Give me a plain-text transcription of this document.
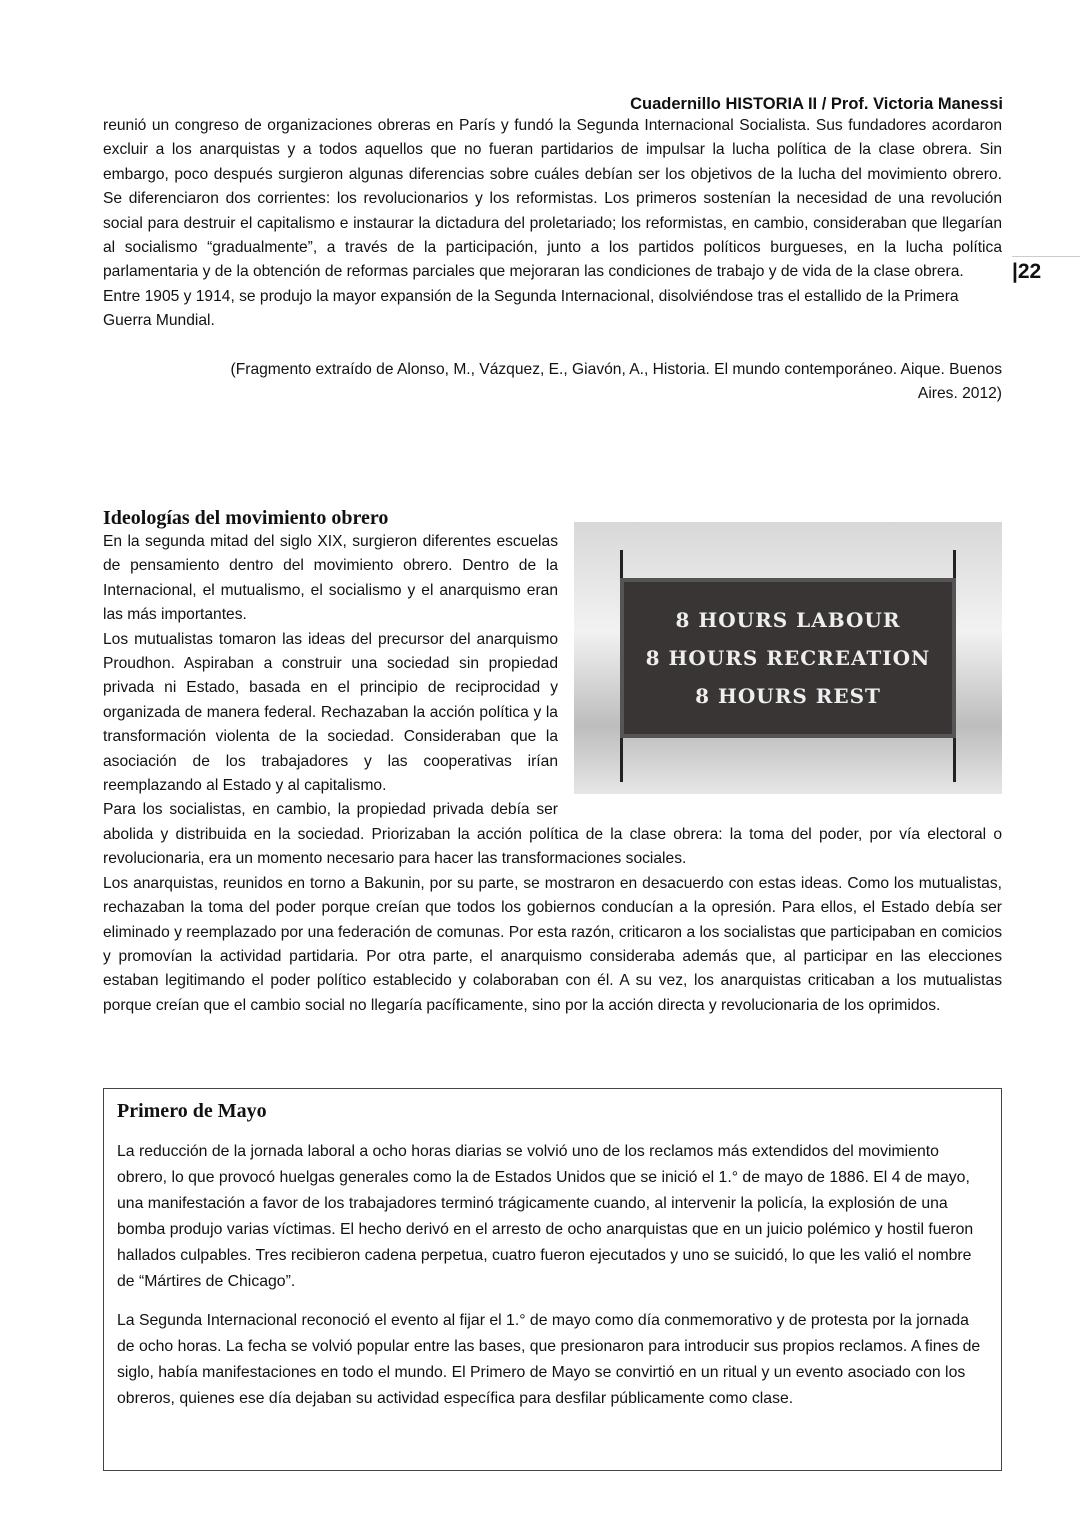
Cuadernillo HISTORIA II / Prof. Victoria Manessi
|22

reunió un congreso de organizaciones obreras en París y fundó la Segunda Internacional Socialista. Sus fundadores acordaron excluir a los anarquistas y a todos aquellos que no fueran partidarios de impulsar la lucha política de la clase obrera. Sin embargo, poco después surgieron algunas diferencias sobre cuáles debían ser los objetivos de la lucha del movimiento obrero. Se diferenciaron dos corrientes: los revolucionarios y los reformistas. Los primeros sostenían la necesidad de una revolución social para destruir el capitalismo e instaurar la dictadura del proletariado; los reformistas, en cambio, consideraban que llegarían al socialismo “gradualmente”, a través de la participación, junto a los partidos políticos burgueses, en la lucha política parlamentaria y de la obtención de reformas parciales que mejoraran las condiciones de trabajo y de vida de la clase obrera.

Entre 1905 y 1914, se produjo la mayor expansión de la Segunda Internacional, disolviéndose tras el estallido de la Primera Guerra Mundial.

(Fragmento extraído de Alonso, M., Vázquez, E., Giavón, A., Historia. El mundo contemporáneo. Aique. Buenos
Aires. 2012)
Ideologías del movimiento obrero
8 HOURS LABOUR
8 HOURS RECREATION
8 HOURS REST

En la segunda mitad del siglo XIX, surgieron diferentes escuelas de pensamiento dentro del movimiento obrero. Dentro de la Internacional, el mutualismo, el socialismo y el anarquismo eran las más importantes.

Los mutualistas tomaron las ideas del precursor del anarquismo Proudhon. Aspiraban a construir una sociedad sin propiedad privada ni Estado, basada en el principio de reciprocidad y organizada de manera federal. Rechazaban la acción política y la transformación violenta de la sociedad. Consideraban que la asociación de los trabajadores y las cooperativas irían reemplazando al Estado y al capitalismo.

Para los socialistas, en cambio, la propiedad privada debía ser abolida y distribuida en la sociedad. Priorizaban la acción política de la clase obrera: la toma del poder, por vía electoral o revolucionaria, era un momento necesario para hacer las transformaciones sociales.

Los anarquistas, reunidos en torno a Bakunin, por su parte, se mostraron en desacuerdo con estas ideas. Como los mutualistas, rechazaban la toma del poder porque creían que todos los gobiernos conducían a la opresión. Para ellos, el Estado debía ser eliminado y reemplazado por una federación de comunas. Por esta razón, criticaron a los socialistas que participaban en comicios y promovían la actividad partidaria. Por otra parte, el anarquismo consideraba además que, al participar en las elecciones estaban legitimando el poder político establecido y colaboraban con él. A su vez, los anarquistas criticaban a los mutualistas porque creían que el cambio social no llegaría pacíficamente, sino por la acción directa y revolucionaria de los oprimidos.

Primero de Mayo

La reducción de la jornada laboral a ocho horas diarias se volvió uno de los reclamos más extendidos del movimiento obrero, lo que provocó huelgas generales como la de Estados Unidos que se inició el 1.° de mayo de 1886. El 4 de mayo, una manifestación a favor de los trabajadores terminó trágicamente cuando, al intervenir la policía, la explosión de una bomba produjo varias víctimas. El hecho derivó en el arresto de ocho anarquistas que en un juicio polémico y hostil fueron hallados culpables. Tres recibieron cadena perpetua, cuatro fueron ejecutados y uno se suicidó, lo que les valió el nombre de “Mártires de Chicago”.

La Segunda Internacional reconoció el evento al fijar el 1.° de mayo como día conmemorativo y de protesta por la jornada de ocho horas. La fecha se volvió popular entre las bases, que presionaron para introducir sus propios reclamos. A fines de siglo, había manifestaciones en todo el mundo. El Primero de Mayo se convirtió en un ritual y un evento asociado con los obreros, quienes ese día dejaban su actividad específica para desfilar públicamente como clase.
